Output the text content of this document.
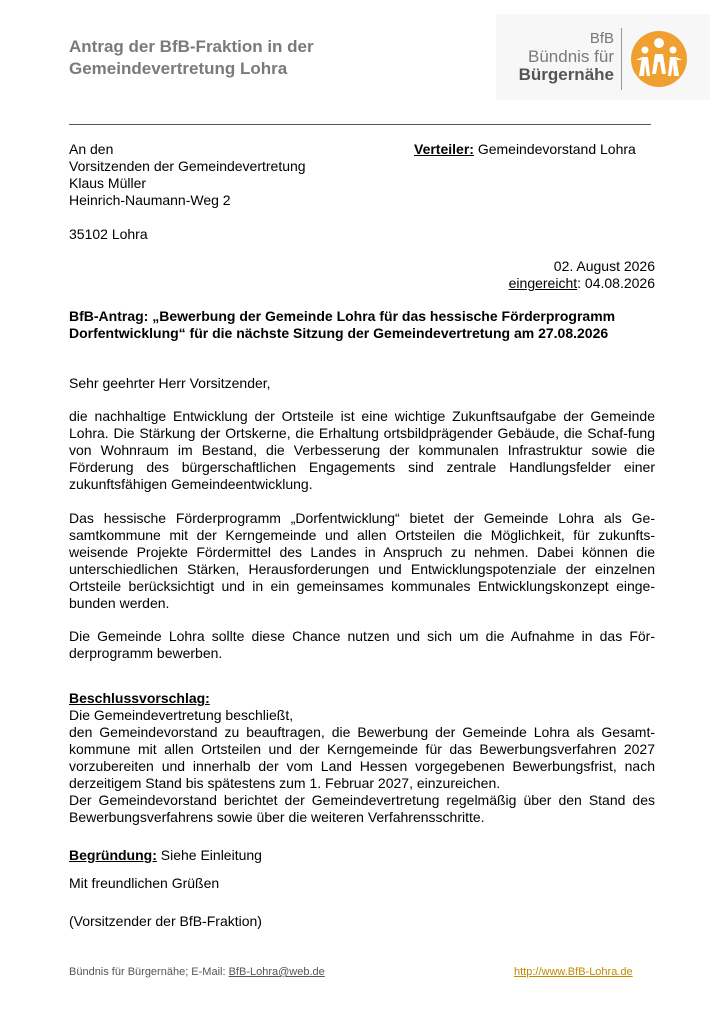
Antrag der BfB-Fraktion in der
Gemeindevertretung Lohra
BfB
Bündnis für
Bürgernähe
An den
Vorsitzenden der Gemeindevertretung
Klaus Müller
Heinrich-Naumann-Weg 2
35102 Lohra
Verteiler: Gemeindevorstand Lohra
02. August 2026
eingereicht: 04.08.2026
BfB-Antrag: „Bewerbung der Gemeinde Lohra für das hessische Förderprogramm
Dorfentwicklung“ für die nächste Sitzung der Gemeindevertretung am 27.08.2026
Sehr geehrter Herr Vorsitzender,
die nachhaltige Entwicklung der Ortsteile ist eine wichtige Zukunftsaufgabe der Gemeinde Lohra. Die Stärkung der Ortskerne, die Erhaltung ortsbildprägender Gebäude, die Schaf-fung von Wohnraum im Bestand, die Verbesserung der kommunalen Infrastruktur sowie die Förderung des bürgerschaftlichen Engagements sind zentrale Handlungsfelder einer zukunftsfähigen Gemeindeentwicklung.
Das hessische Förderprogramm „Dorfentwicklung“ bietet der Gemeinde Lohra als Ge-samtkommune mit der Kerngemeinde und allen Ortsteilen die Möglichkeit, für zukunfts-weisende Projekte Fördermittel des Landes in Anspruch zu nehmen. Dabei können die unterschiedlichen Stärken, Herausforderungen und Entwicklungspotenziale der einzelnen Ortsteile berücksichtigt und in ein gemeinsames kommunales Entwicklungskonzept einge-bunden werden.
Die Gemeinde Lohra sollte diese Chance nutzen und sich um die Aufnahme in das För-derprogramm bewerben.
Beschlussvorschlag:
Die Gemeindevertretung beschließt,
den Gemeindevorstand zu beauftragen, die Bewerbung der Gemeinde Lohra als Gesamt-kommune mit allen Ortsteilen und der Kerngemeinde für das Bewerbungsverfahren 2027 vorzubereiten und innerhalb der vom Land Hessen vorgegebenen Bewerbungsfrist, nach derzeitigem Stand bis spätestens zum 1. Februar 2027, einzureichen.
Der Gemeindevorstand berichtet der Gemeindevertretung regelmäßig über den Stand des Bewerbungsverfahrens sowie über die weiteren Verfahrensschritte.
Begründung: Siehe Einleitung
Mit freundlichen Grüßen
(Vorsitzender der BfB-Fraktion)
Bündnis für Bürgernähe; E-Mail: BfB-Lohra@web.de	http://www.BfB-Lohra.de
